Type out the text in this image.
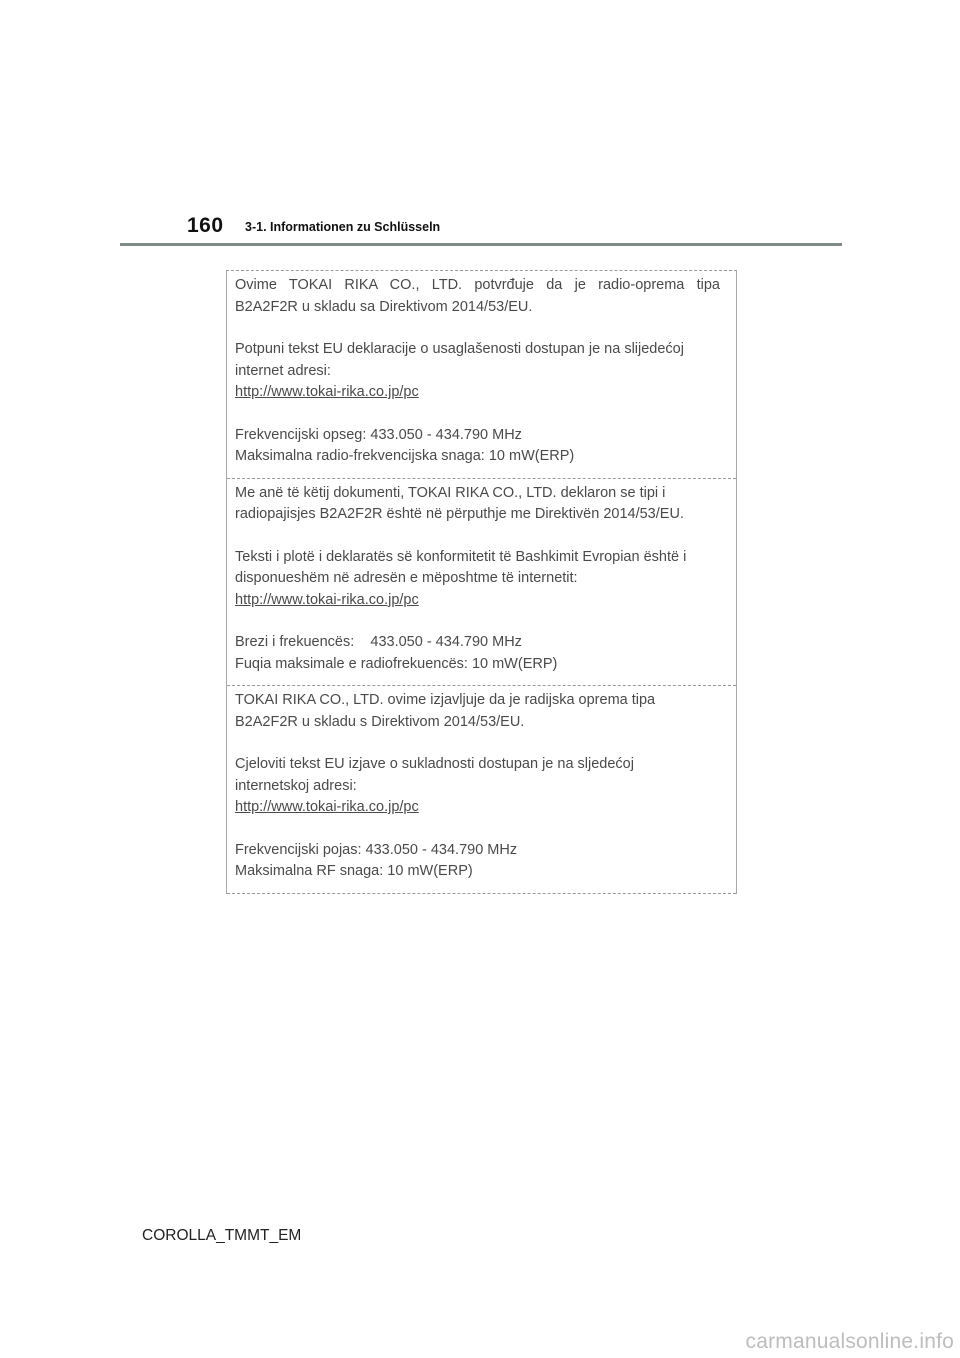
160 3-1. Informationen zu Schlüsseln

Ovime TOKAI RIKA CO., LTD. potvrđuje da je radio-oprema tipa

B2A2F2R u skladu sa Direktivom 2014/53/EU.

Potpuni tekst EU deklaracije o usaglašenosti dostupan je na slijedećoj

internet adresi:

http://www.tokai-rika.co.jp/pc

Frekvencijski opseg: 433.050 - 434.790 MHz

Maksimalna radio-frekvencijska snaga: 10 mW(ERP)

Me anë të këtij dokumenti, TOKAI RIKA CO., LTD. deklaron se tipi i

radiopajisjes B2A2F2R është në përputhje me Direktivën 2014/53/EU.

Teksti i plotë i deklaratës së konformitetit të Bashkimit Evropian është i

disponueshëm në adresën e mëposhtme të internetit:

http://www.tokai-rika.co.jp/pc

Brezi i frekuencës:    433.050 - 434.790 MHz

Fuqia maksimale e radiofrekuencës: 10 mW(ERP)

TOKAI RIKA CO., LTD. ovime izjavljuje da je radijska oprema tipa

B2A2F2R u skladu s Direktivom 2014/53/EU.

Cjeloviti tekst EU izjave o sukladnosti dostupan je na sljedećoj

internetskoj adresi:

http://www.tokai-rika.co.jp/pc

Frekvencijski pojas: 433.050 - 434.790 MHz

Maksimalna RF snaga: 10 mW(ERP)

COROLLA_TMMT_EM
carmanualsonline.info
